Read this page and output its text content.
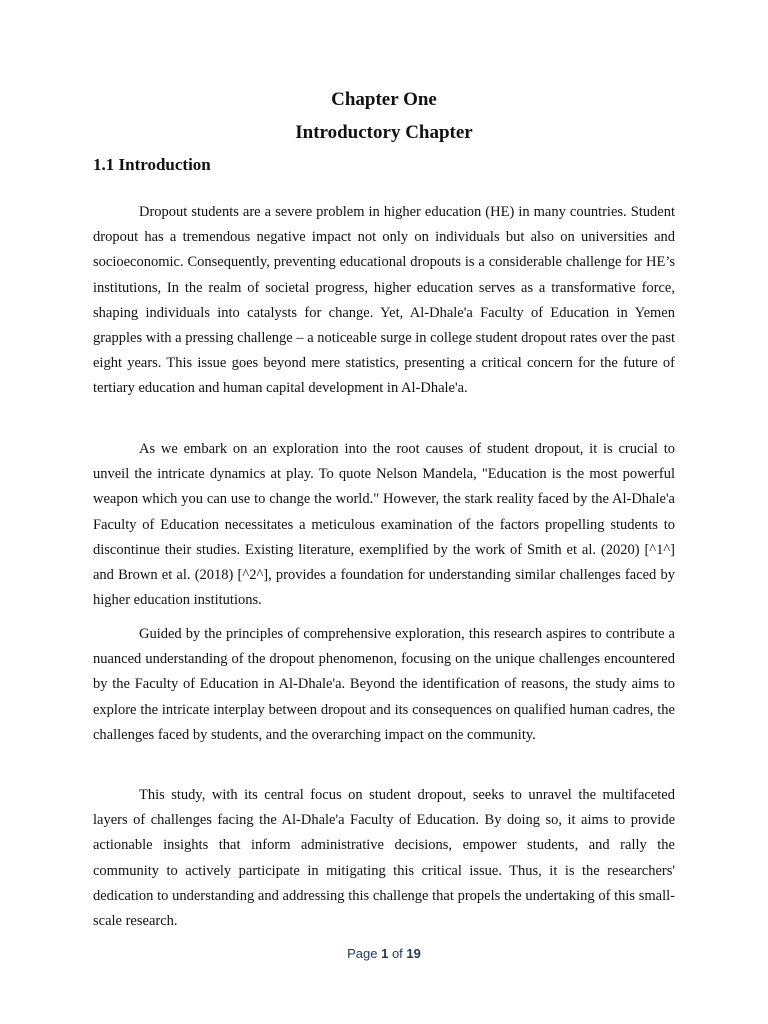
Chapter One
Introductory Chapter
1.1 Introduction

Dropout students are a severe problem in higher education (HE) in many countries. Student dropout has a tremendous negative impact not only on individuals but also on universities and socioeconomic. Consequently, preventing educational dropouts is a considerable challenge for HE’s institutions, In the realm of societal progress, higher education serves as a transformative force, shaping individuals into catalysts for change. Yet, Al-Dhale'a Faculty of Education in Yemen grapples with a pressing challenge – a noticeable surge in college student dropout rates over the past eight years. This issue goes beyond mere statistics, presenting a critical concern for the future of tertiary education and human capital development in Al-Dhale'a.

As we embark on an exploration into the root causes of student dropout, it is crucial to unveil the intricate dynamics at play. To quote Nelson Mandela, "Education is the most powerful weapon which you can use to change the world." However, the stark reality faced by the Al-Dhale'a Faculty of Education necessitates a meticulous examination of the factors propelling students to discontinue their studies. Existing literature, exemplified by the work of Smith et al. (2020) [^1^] and Brown et al. (2018) [^2^], provides a foundation for understanding similar challenges faced by higher education institutions.

Guided by the principles of comprehensive exploration, this research aspires to contribute a nuanced understanding of the dropout phenomenon, focusing on the unique challenges encountered by the Faculty of Education in Al-Dhale'a. Beyond the identification of reasons, the study aims to explore the intricate interplay between dropout and its consequences on qualified human cadres, the challenges faced by students, and the overarching impact on the community.

This study, with its central focus on student dropout, seeks to unravel the multifaceted layers of challenges facing the Al-Dhale'a Faculty of Education. By doing so, it aims to provide actionable insights that inform administrative decisions, empower students, and rally the community to actively participate in mitigating this critical issue. Thus, it is the researchers' dedication to understanding and addressing this challenge that propels the undertaking of this small-scale research.

Page 1 of 19
